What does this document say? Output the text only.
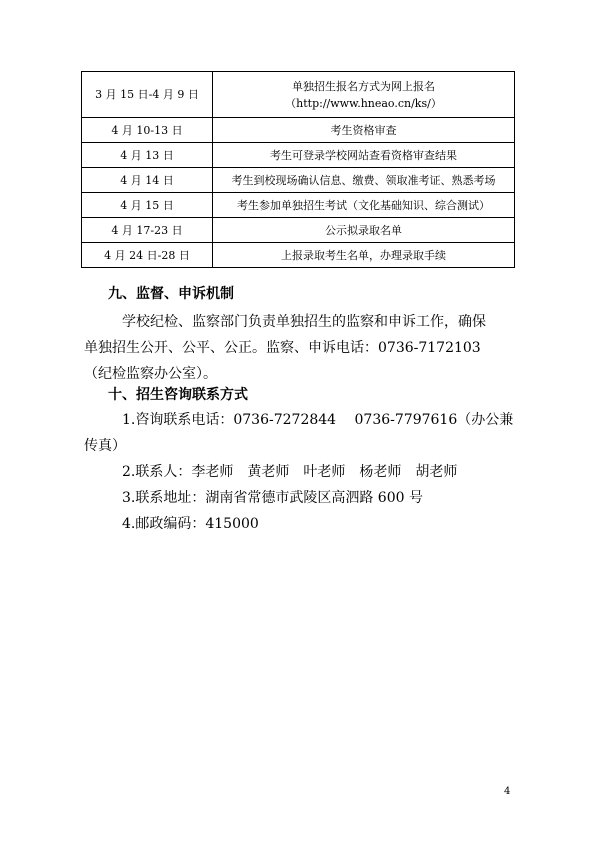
3 月 15 日-4 月 9 日	单独招生报名方式为网上报名
（http://www.hneao.cn/ks/）

4 月 10-13 日	考生资格审查
4 月 13 日	考生可登录学校网站查看资格审查结果
4 月 14 日	考生到校现场确认信息、缴费、领取准考证、熟悉考场
4 月 15 日	考生参加单独招生考试（文化基础知识、综合测试）
4 月 17-23 日	公示拟录取名单
4 月 24 日-28 日	上报录取考生名单，办理录取手续
九、监督、申诉机制
学校纪检、监察部门负责单独招生的监察和申诉工作，确保
单独招生公开、公平、公正。监察、申诉电话：0736-7172103
（纪检监察办公室）。
十、招生咨询联系方式
1.咨询联系电话：0736-7272844　 0736-7797616（办公兼
传真）
2.联系人：李老师　黄老师　叶老师　杨老师　胡老师
3.联系地址：湖南省常德市武陵区高泗路 600 号
4.邮政编码：415000
4
